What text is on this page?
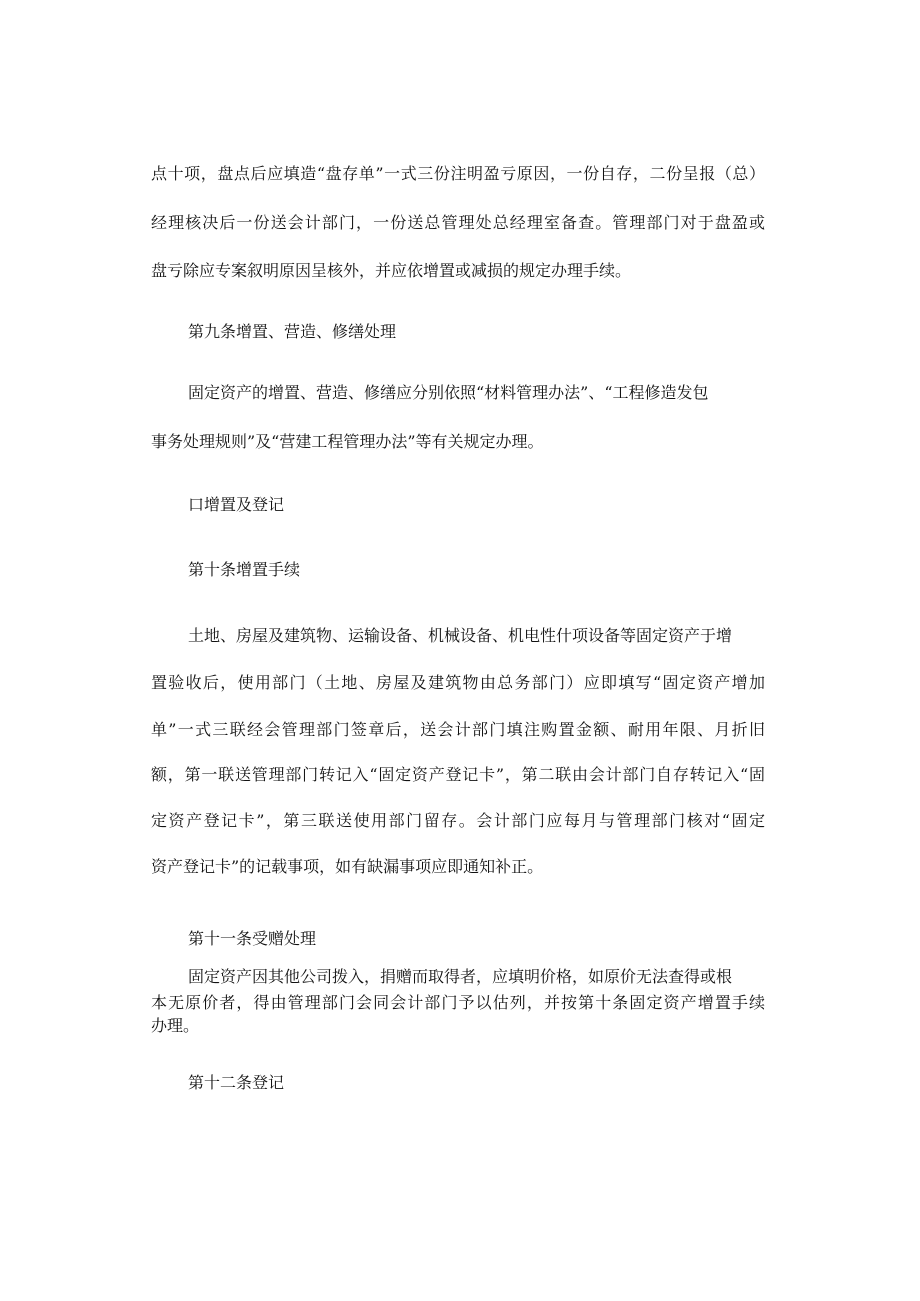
点十项，盘点后应填造“盘存单”一式三份注明盈亏原因，一份自存，二份呈报（总）
经理核决后一份送会计部门，一份送总管理处总经理室备查。管理部门对于盘盈或
盘亏除应专案叙明原因呈核外，并应依增置或减损的规定办理手续。
第九条增置、营造、修缮处理
固定资产的增置、营造、修缮应分别依照“材料管理办法”、“工程修造发包
事务处理规则”及“营建工程管理办法”等有关规定办理。
口增置及登记
第十条增置手续
土地、房屋及建筑物、运输设备、机械设备、机电性什项设备等固定资产于增
置验收后，使用部门（土地、房屋及建筑物由总务部门）应即填写“固定资产增加
单”一式三联经会管理部门签章后，送会计部门填注购置金额、耐用年限、月折旧
额，第一联送管理部门转记入“固定资产登记卡”，第二联由会计部门自存转记入“固
定资产登记卡”，第三联送使用部门留存。会计部门应每月与管理部门核对“固定
资产登记卡”的记载事项，如有缺漏事项应即通知补正。
第十一条受赠处理
固定资产因其他公司拨入，捐赠而取得者，应填明价格，如原价无法查得或根
本无原价者，得由管理部门会同会计部门予以估列，并按第十条固定资产增置手续
办理。
第十二条登记
